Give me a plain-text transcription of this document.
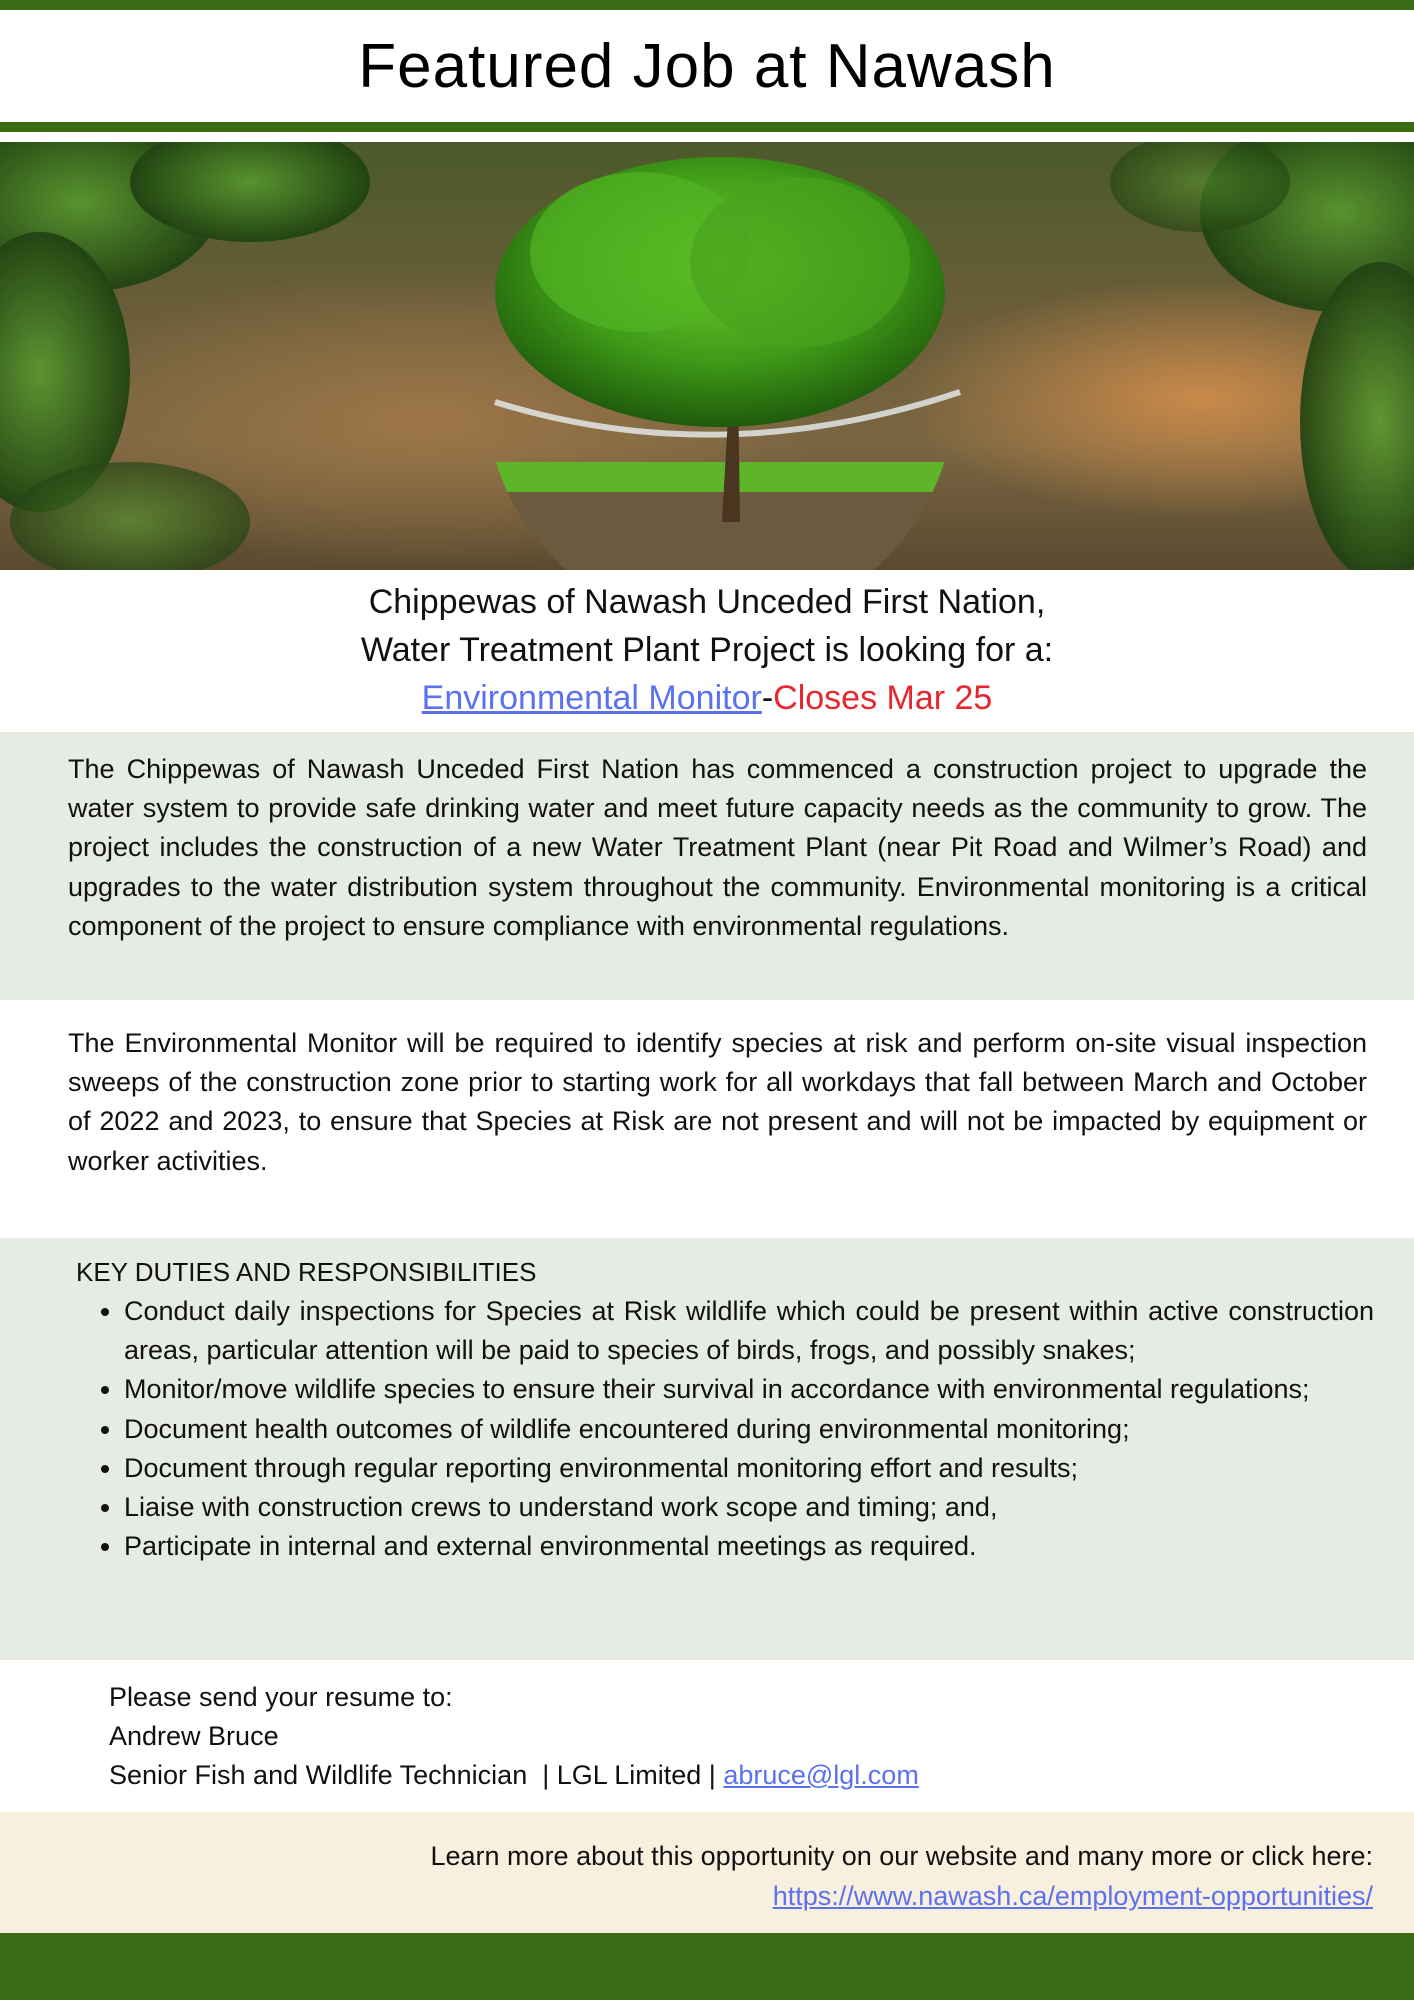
Featured Job at Nawash
Chippewas of Nawash Unceded First Nation,
Water Treatment Plant Project is looking for a:
Environmental Monitor-Closes Mar 25

The Chippewas of Nawash Unceded First Nation has commenced a construction project to upgrade the water system to provide safe drinking water and meet future capacity needs as the community to grow. The project includes the construction of a new Water Treatment Plant (near Pit Road and Wilmer’s Road) and upgrades to the water distribution system throughout the community. Environmental monitoring is a critical component of the project to ensure compliance with environmental regulations.

The Environmental Monitor will be required to identify species at risk and perform on-site visual inspection sweeps of the construction zone prior to starting work for all workdays that fall between March and October of 2022 and 2023, to ensure that Species at Risk are not present and will not be impacted by equipment or worker activities.

KEY DUTIES AND RESPONSIBILITIES
• Conduct daily inspections for Species at Risk wildlife which could be present within active construction areas, particular attention will be paid to species of birds, frogs, and possibly snakes;
• Monitor/move wildlife species to ensure their survival in accordance with environmental regulations;
• Document health outcomes of wildlife encountered during environmental monitoring;
• Document through regular reporting environmental monitoring effort and results;
• Liaise with construction crews to understand work scope and timing; and,
• Participate in internal and external environmental meetings as required.
Please send your resume to:
Andrew Bruce
Senior Fish and Wildlife Technician  | LGL Limited | abruce@lgl.com
Learn more about this opportunity on our website and many more or click here:
https://www.nawash.ca/employment-opportunities/
